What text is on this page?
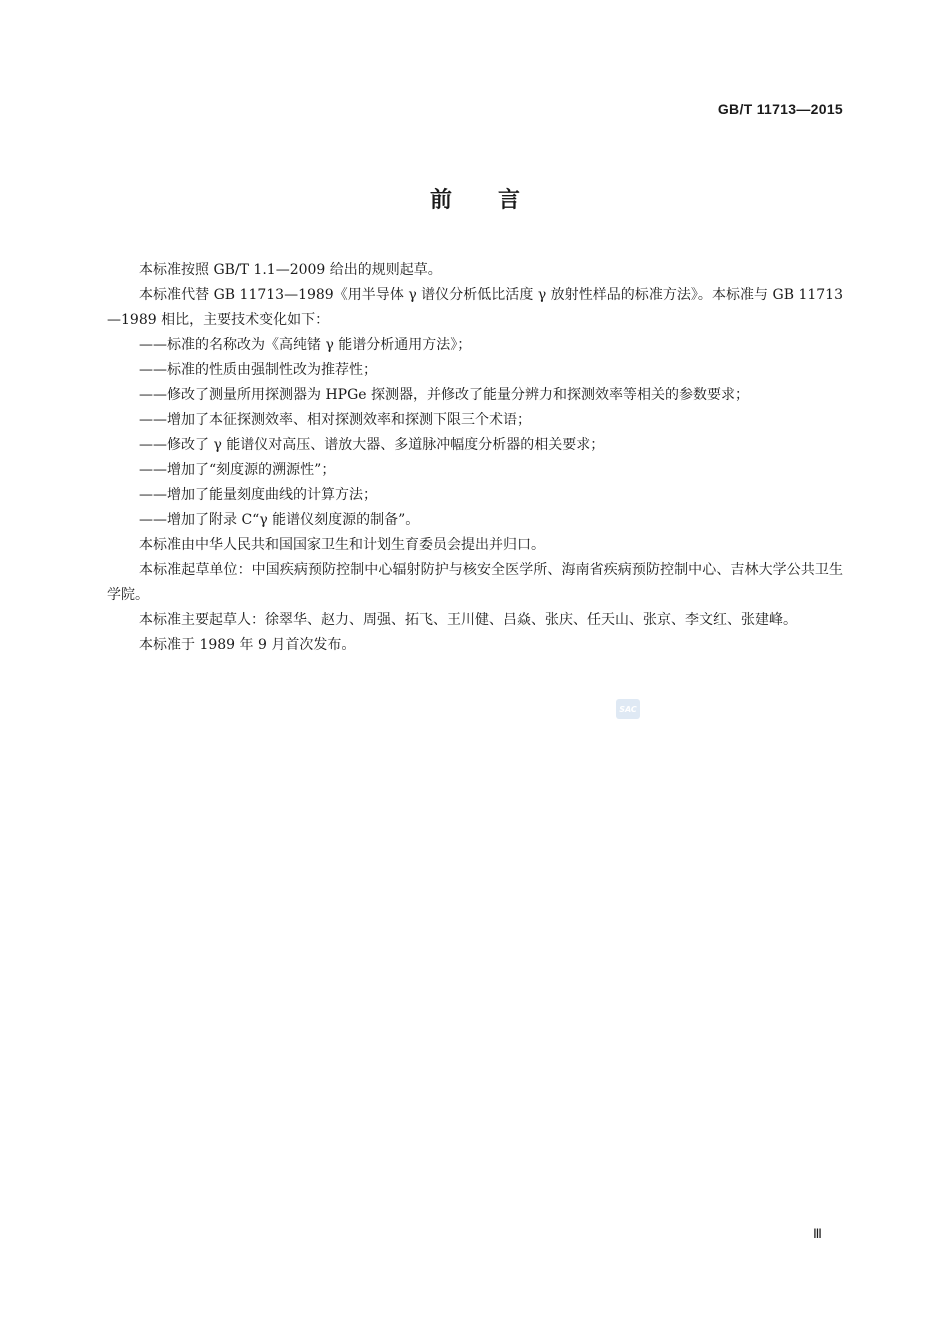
GB/T 11713—2015
前言

本标准按照 GB/T 1.1—2009 给出的规则起草。

本标准代替 GB 11713—1989《用半导体 γ 谱仪分析低比活度 γ 放射性样品的标准方法》。本标准与 GB 11713—1989 相比，主要技术变化如下：

——标准的名称改为《高纯锗 γ 能谱分析通用方法》；

——标准的性质由强制性改为推荐性；

——修改了测量所用探测器为 HPGe 探测器，并修改了能量分辨力和探测效率等相关的参数要求；

——增加了本征探测效率、相对探测效率和探测下限三个术语；

——修改了 γ 能谱仪对高压、谱放大器、多道脉冲幅度分析器的相关要求；

——增加了“刻度源的溯源性”；

——增加了能量刻度曲线的计算方法；

——增加了附录 C“γ 能谱仪刻度源的制备”。

本标准由中华人民共和国国家卫生和计划生育委员会提出并归口。

本标准起草单位：中国疾病预防控制中心辐射防护与核安全医学所、海南省疾病预防控制中心、吉林大学公共卫生学院。

本标准主要起草人：徐翠华、赵力、周强、拓飞、王川健、吕焱、张庆、任天山、张京、李文红、张建峰。

本标准于 1989 年 9 月首次发布。

SAC
Ⅲ
